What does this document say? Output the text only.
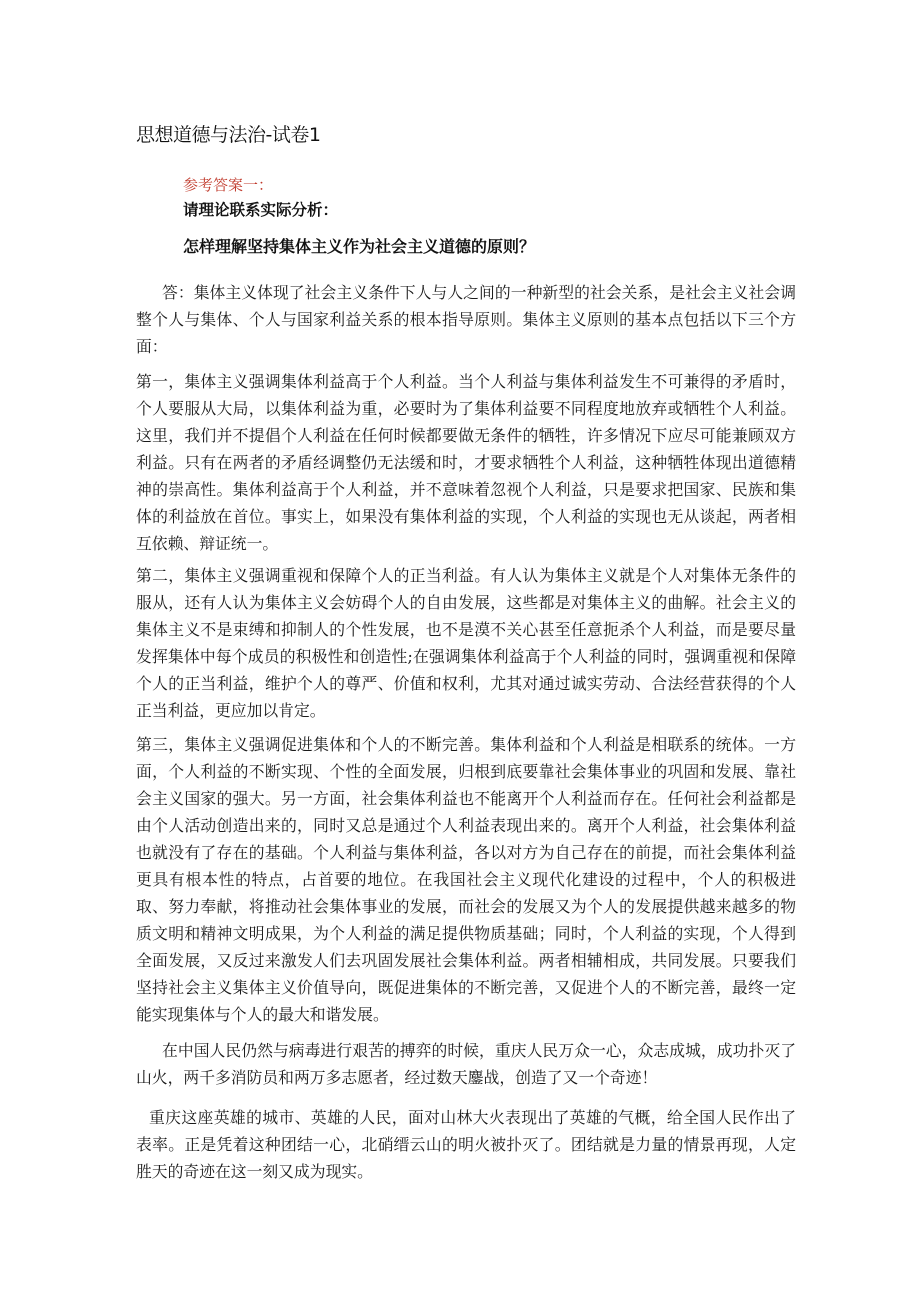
思想道德与法治-试卷1

参考答案一：

请理论联系实际分析：

怎样理解坚持集体主义作为社会主义道德的原则？

答：集体主义体现了社会主义条件下人与人之间的一种新型的社会关系，是社会主义社会调整个人与集体、个人与国家利益关系的根本指导原则。集体主义原则的基本点包括以下三个方面：

第一，集体主义强调集体利益高于个人利益。当个人利益与集体利益发生不可兼得的矛盾时，个人要服从大局，以集体利益为重，必要时为了集体利益要不同程度地放弃或牺牲个人利益。这里，我们并不提倡个人利益在任何时候都要做无条件的牺牲，许多情况下应尽可能兼顾双方利益。只有在两者的矛盾经调整仍无法缓和时，才要求牺牲个人利益，这种牺牲体现出道德精神的崇高性。集体利益高于个人利益，并不意味着忽视个人利益，只是要求把国家、民族和集体的利益放在首位。事实上，如果没有集体利益的实现，个人利益的实现也无从谈起，两者相互依赖、辩证统一。

第二，集体主义强调重视和保障个人的正当利益。有人认为集体主义就是个人对集体无条件的服从，还有人认为集体主义会妨碍个人的自由发展，这些都是对集体主义的曲解。社会主义的集体主义不是束缚和抑制人的个性发展，也不是漠不关心甚至任意扼杀个人利益，而是要尽量发挥集体中每个成员的积极性和创造性;在强调集体利益高于个人利益的同时，强调重视和保障个人的正当利益，维护个人的尊严、价值和权利，尤其对通过诚实劳动、合法经营获得的个人正当利益，更应加以肯定。

第三，集体主义强调促进集体和个人的不断完善。集体利益和个人利益是相联系的统体。一方面，个人利益的不断实现、个性的全面发展，归根到底要靠社会集体事业的巩固和发展、靠社会主义国家的强大。另一方面，社会集体利益也不能离开个人利益而存在。任何社会利益都是由个人活动创造出来的，同时又总是通过个人利益表现出来的。离开个人利益，社会集体利益也就没有了存在的基础。个人利益与集体利益，各以对方为自己存在的前提，而社会集体利益更具有根本性的特点，占首要的地位。在我国社会主义现代化建设的过程中，个人的积极进取、努力奉献，将推动社会集体事业的发展，而社会的发展又为个人的发展提供越来越多的物质文明和精神文明成果，为个人利益的满足提供物质基础；同时，个人利益的实现，个人得到全面发展，又反过来激发人们去巩固发展社会集体利益。两者相辅相成，共同发展。只要我们坚持社会主义集体主义价值导向，既促进集体的不断完善，又促进个人的不断完善，最终一定能实现集体与个人的最大和谐发展。

在中国人民仍然与病毒进行艰苦的搏弈的时候，重庆人民万众一心，众志成城，成功扑灭了山火，两千多消防员和两万多志愿者，经过数天鏖战，创造了又一个奇迹！

重庆这座英雄的城市、英雄的人民，面对山林大火表现出了英雄的气概，给全国人民作出了表率。正是凭着这种团结一心，北硝缙云山的明火被扑灭了。团结就是力量的情景再现，人定胜天的奇迹在这一刻又成为现实。
